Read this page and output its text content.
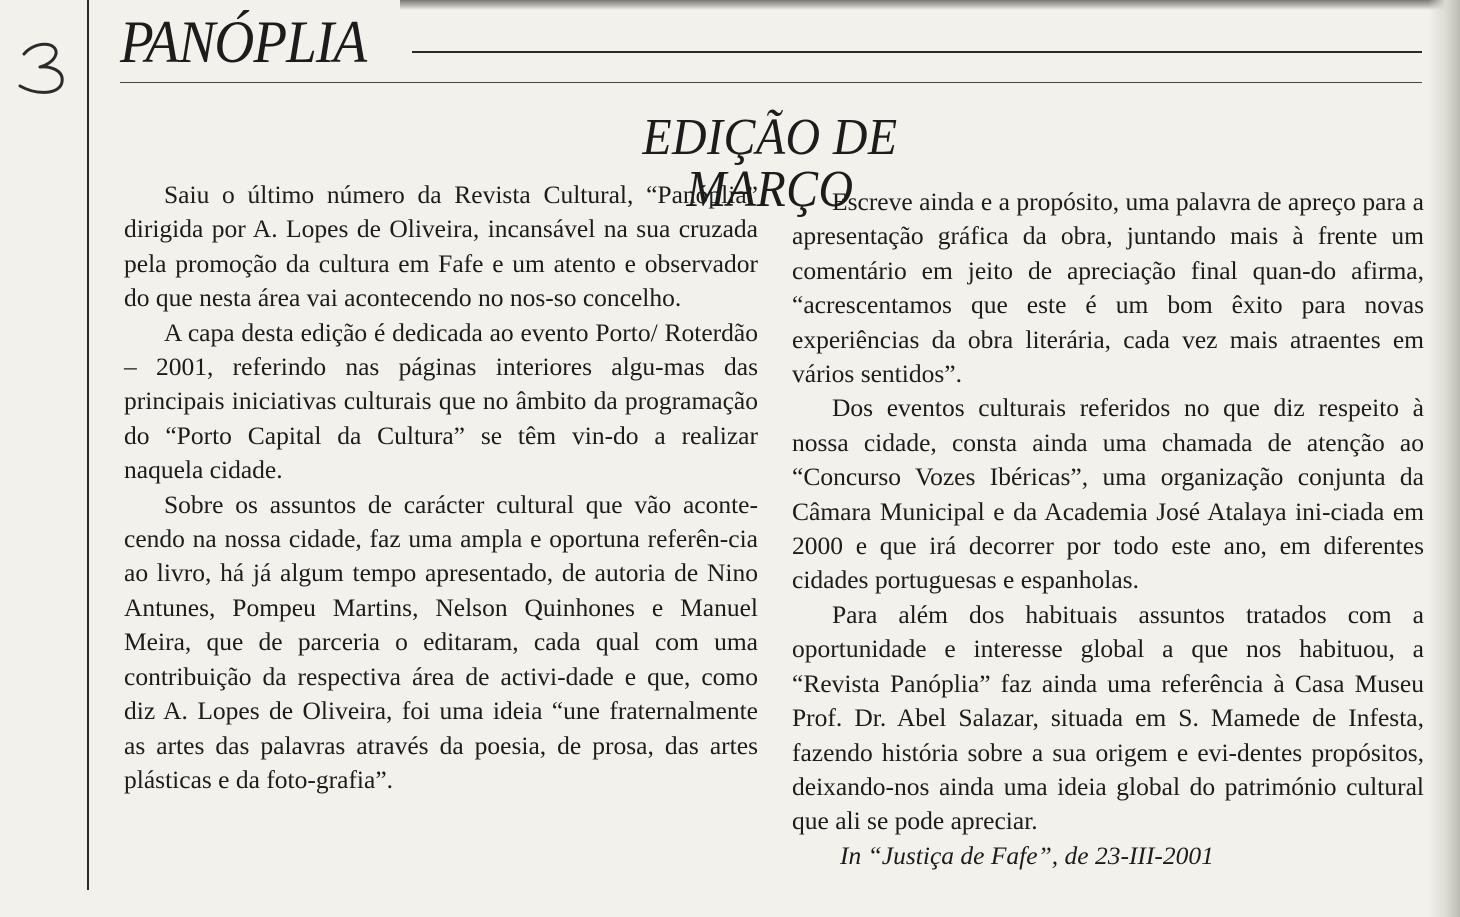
PANÓPLIA
EDIÇÃO DE MARÇO

Saiu o último número da Revista Cultural, “Panóplia” dirigida por A. Lopes de Oliveira, incansável na sua cruzada pela promoção da cultura em Fafe e um atento e observador do que nesta área vai acontecendo no nos-so concelho.

A capa desta edição é dedicada ao evento Porto/ Roterdão – 2001, referindo nas páginas interiores algu-mas das principais iniciativas culturais que no âmbito da programação do “Porto Capital da Cultura” se têm vin-do a realizar naquela cidade.

Sobre os assuntos de carácter cultural que vão aconte-cendo na nossa cidade, faz uma ampla e oportuna referên-cia ao livro, há já algum tempo apresentado, de autoria de Nino Antunes, Pompeu Martins, Nelson Quinhones e Manuel Meira, que de parceria o editaram, cada qual com uma contribuição da respectiva área de activi-dade e que, como diz A. Lopes de Oliveira, foi uma ideia “une fraternalmente as artes das palavras através da poesia, de prosa, das artes plásticas e da foto-grafia”.

Escreve ainda e a propósito, uma palavra de apreço para a apresentação gráfica da obra, juntando mais à frente um comentário em jeito de apreciação final quan-do afirma, “acrescentamos que este é um bom êxito para novas experiências da obra literária, cada vez mais atraentes em vários sentidos”.

Dos eventos culturais referidos no que diz respeito à nossa cidade, consta ainda uma chamada de atenção ao “Concurso Vozes Ibéricas”, uma organização conjunta da Câmara Municipal e da Academia José Atalaya ini-ciada em 2000 e que irá decorrer por todo este ano, em diferentes cidades portuguesas e espanholas.

Para além dos habituais assuntos tratados com a oportunidade e interesse global a que nos habituou, a “Revista Panóplia” faz ainda uma referência à Casa Museu Prof. Dr. Abel Salazar, situada em S. Mamede de Infesta, fazendo história sobre a sua origem e evi-dentes propósitos, deixando-nos ainda uma ideia global do património cultural que ali se pode apreciar.

In “Justiça de Fafe”, de 23-III-2001
